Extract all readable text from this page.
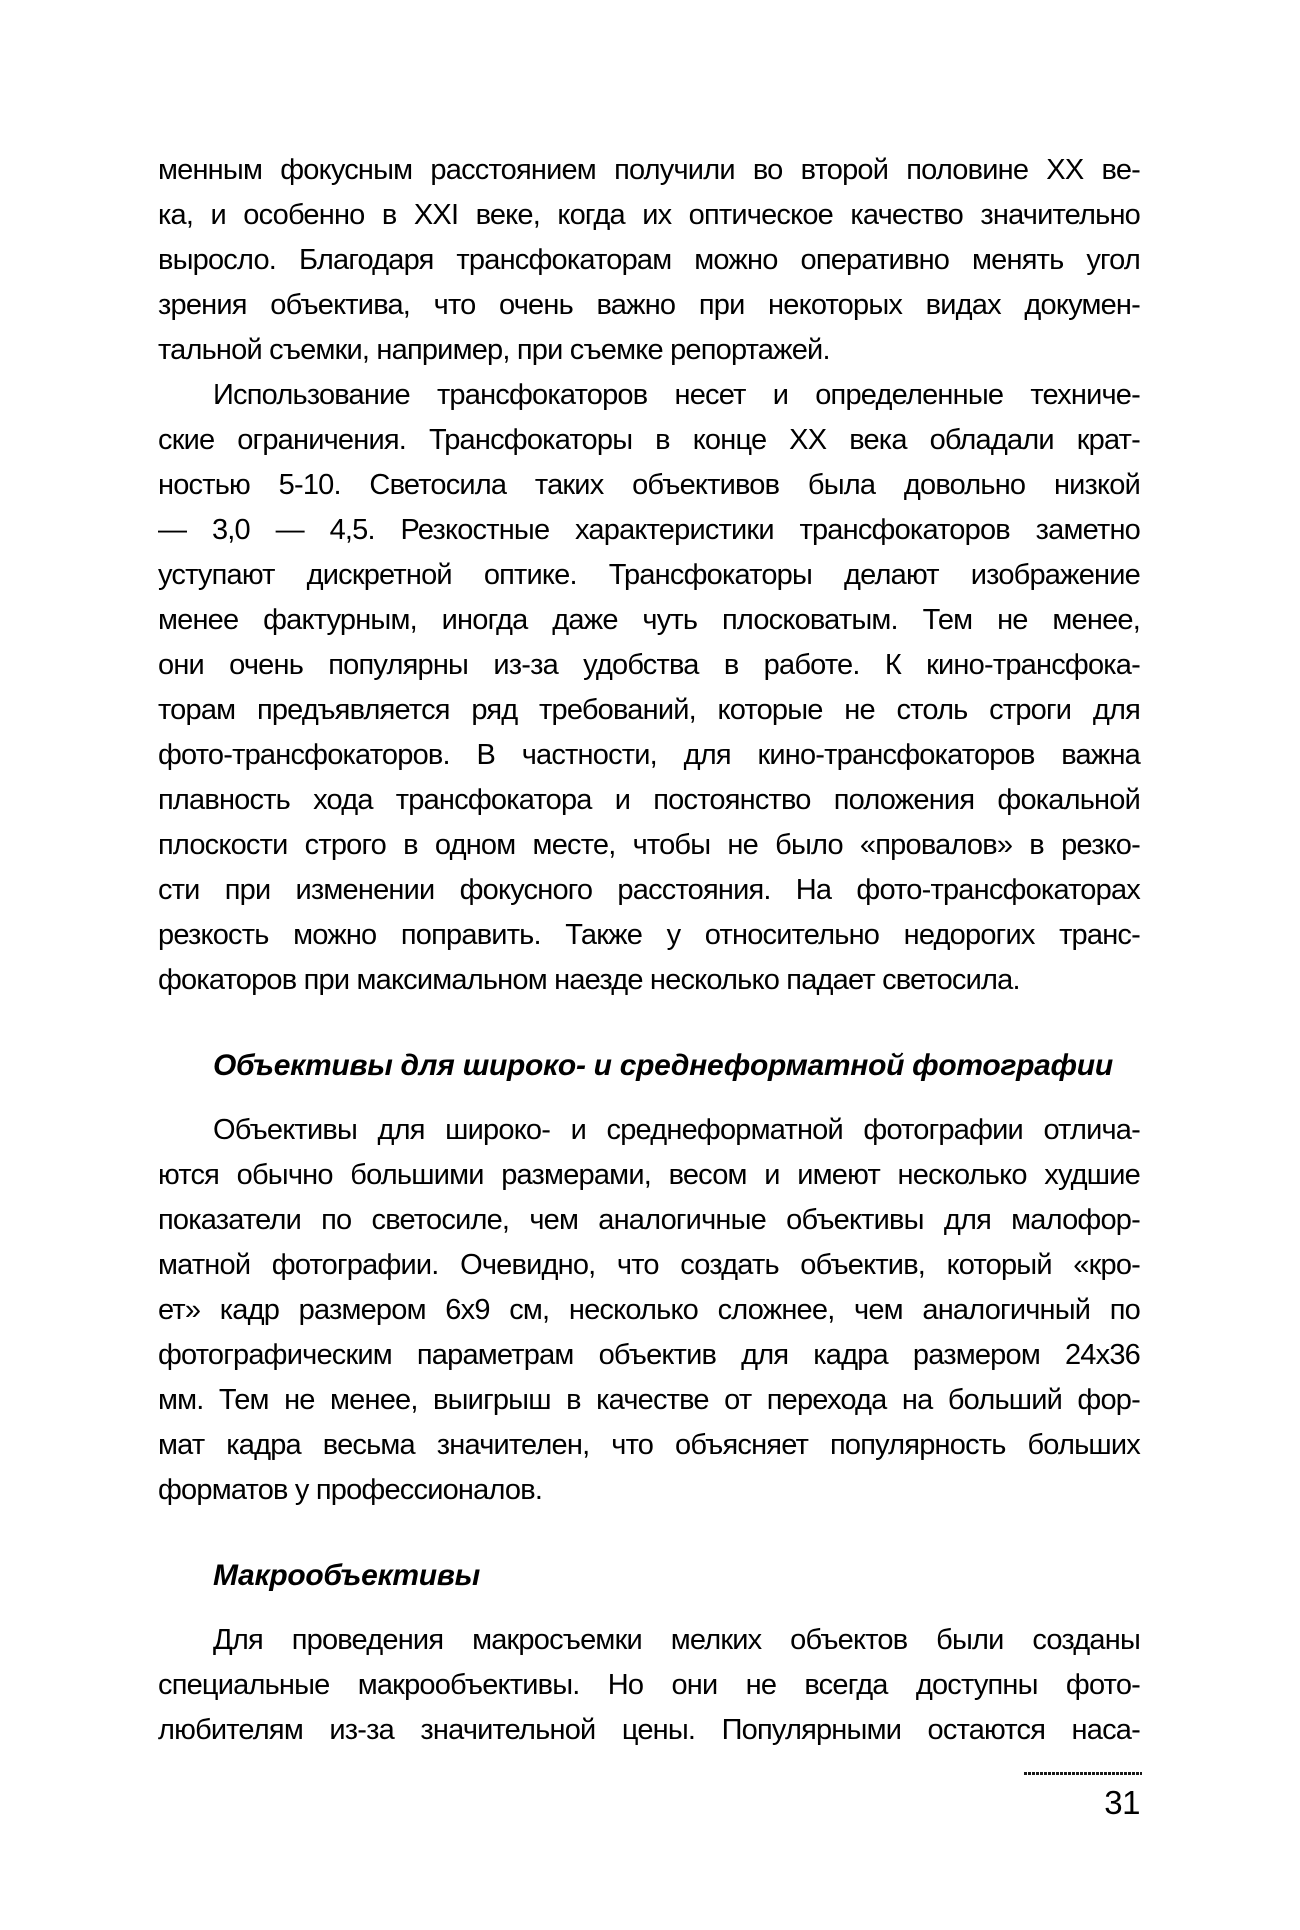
менным фокусным расстоянием получили во второй половине XX ве-
ка, и особенно в XXI веке, когда их оптическое качество значительно
выросло. Благодаря трансфокаторам можно оперативно менять угол
зрения объектива, что очень важно при некоторых видах докумен-
тальной съемки, например, при съемке репортажей.
Использование трансфокаторов несет и определенные техниче-
ские ограничения. Трансфокаторы в конце XX века обладали крат-
ностью 5-10. Светосила таких объективов была довольно низкой
— 3,0 — 4,5. Резкостные характеристики трансфокаторов заметно
уступают дискретной оптике. Трансфокаторы делают изображение
менее фактурным, иногда даже чуть плосковатым. Тем не менее,
они очень популярны из-за удобства в работе. К кино-трансфока-
торам предъявляется ряд требований, которые не столь строги для
фото-трансфокаторов. В частности, для кино-трансфокаторов важна
плавность хода трансфокатора и постоянство положения фокальной
плоскости строго в одном месте, чтобы не было «провалов» в резко-
сти при изменении фокусного расстояния. На фото-трансфокаторах
резкость можно поправить. Также у относительно недорогих транс-
фокаторов при максимальном наезде несколько падает светосила.
Объективы для широко- и среднеформатной фотографии
Объективы для широко- и среднеформатной фотографии отлича-
ются обычно большими размерами, весом и имеют несколько худшие
показатели по светосиле, чем аналогичные объективы для малофор-
матной фотографии. Очевидно, что создать объектив, который «кро-
ет» кадр размером 6х9 см, несколько сложнее, чем аналогичный по
фотографическим параметрам объектив для кадра размером 24х36
мм. Тем не менее, выигрыш в качестве от перехода на больший фор-
мат кадра весьма значителен, что объясняет популярность больших
форматов у профессионалов.
Макрообъективы
Для проведения макросъемки мелких объектов были созданы
специальные макрообъективы. Но они не всегда доступны фото-
любителям из-за значительной цены. Популярными остаются наса-
31
